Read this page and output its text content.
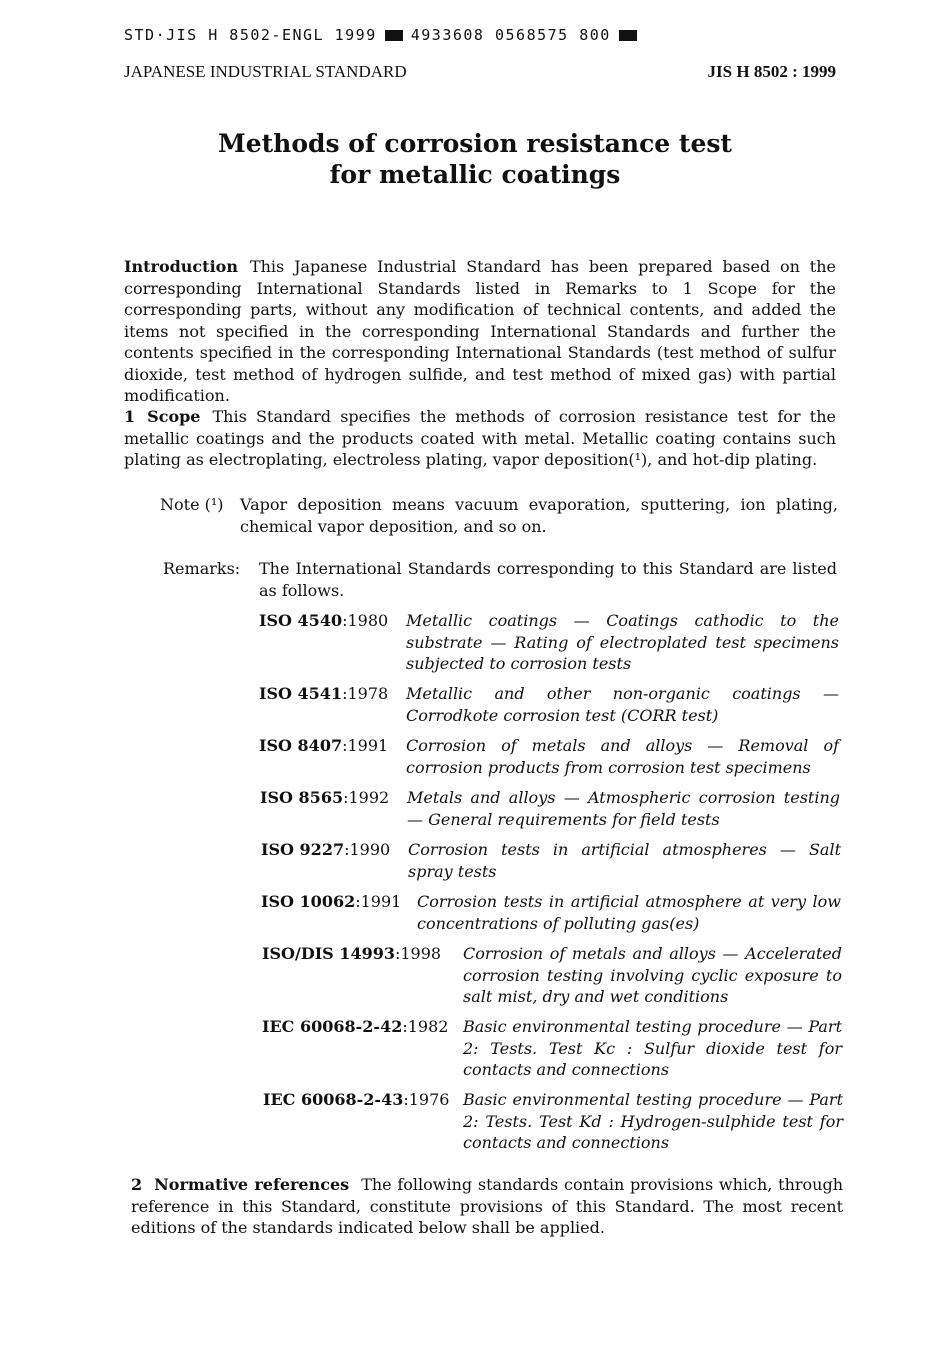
STD·JIS H 8502-ENGL 1999 4933608 0568575 800
JAPANESE INDUSTRIAL STANDARD	JIS H 8502 : 1999
Methods of corrosion resistance test
for metallic coatings
Introduction This Japanese Industrial Standard has been prepared based on the corresponding International Standards listed in Remarks to 1 Scope for the corresponding parts, without any modification of technical contents, and added the items not specified in the corresponding International Standards and further the contents specified in the corresponding International Standards (test method of sulfur dioxide, test method of hydrogen sulfide, and test method of mixed gas) with partial modification.
1 Scope This Standard specifies the methods of corrosion resistance test for the metallic coatings and the products coated with metal. Metallic coating contains such plating as electroplating, electroless plating, vapor deposition(¹), and hot-dip plating.
Note (¹) Vapor deposition means vacuum evaporation, sputtering, ion plating, chemical vapor deposition, and so on.
Remarks: The International Standards corresponding to this Standard are listed as follows.
ISO 4540:1980 Metallic coatings — Coatings cathodic to the substrate — Rating of electroplated test specimens subjected to corrosion tests
ISO 4541:1978 Metallic and other non-organic coatings — Corrodkote corrosion test (CORR test)
ISO 8407:1991 Corrosion of metals and alloys — Removal of corrosion products from corrosion test specimens
ISO 8565:1992 Metals and alloys — Atmospheric corrosion testing — General requirements for field tests
ISO 9227:1990 Corrosion tests in artificial atmospheres — Salt spray tests
ISO 10062:1991 Corrosion tests in artificial atmosphere at very low concentrations of polluting gas(es)
ISO/DIS 14993:1998 Corrosion of metals and alloys — Accelerated corrosion testing involving cyclic exposure to salt mist, dry and wet conditions
IEC 60068-2-42:1982 Basic environmental testing procedure — Part 2: Tests. Test Kc : Sulfur dioxide test for contacts and connections
IEC 60068-2-43:1976 Basic environmental testing procedure — Part 2: Tests. Test Kd : Hydrogen-sulphide test for contacts and connections
2 Normative references The following standards contain provisions which, through reference in this Standard, constitute provisions of this Standard. The most recent editions of the standards indicated below shall be applied.
